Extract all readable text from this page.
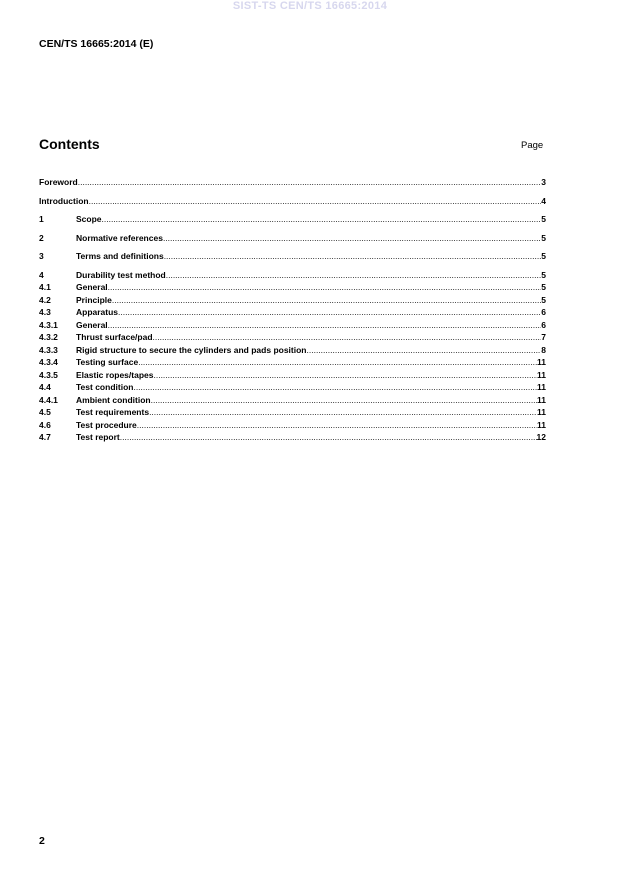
SIST-TS CEN/TS 16665:2014
CEN/TS 16665:2014 (E)
Contents	Page
Foreword .....	3
Introduction .....	4
1	Scope .....	5
2	Normative references .....	5
3	Terms and definitions .....	5
4	Durability test method .....	5
4.1	General .....	5
4.2	Principle .....	5
4.3	Apparatus .....	6
4.3.1	General .....	6
4.3.2	Thrust surface/pad .....	7
4.3.3	Rigid structure to secure the cylinders and pads position .....	8
4.3.4	Testing surface .....	11
4.3.5	Elastic ropes/tapes .....	11
4.4	Test condition .....	11
4.4.1	Ambient condition .....	11
4.5	Test requirements .....	11
4.6	Test procedure .....	11
4.7	Test report .....	12
2
